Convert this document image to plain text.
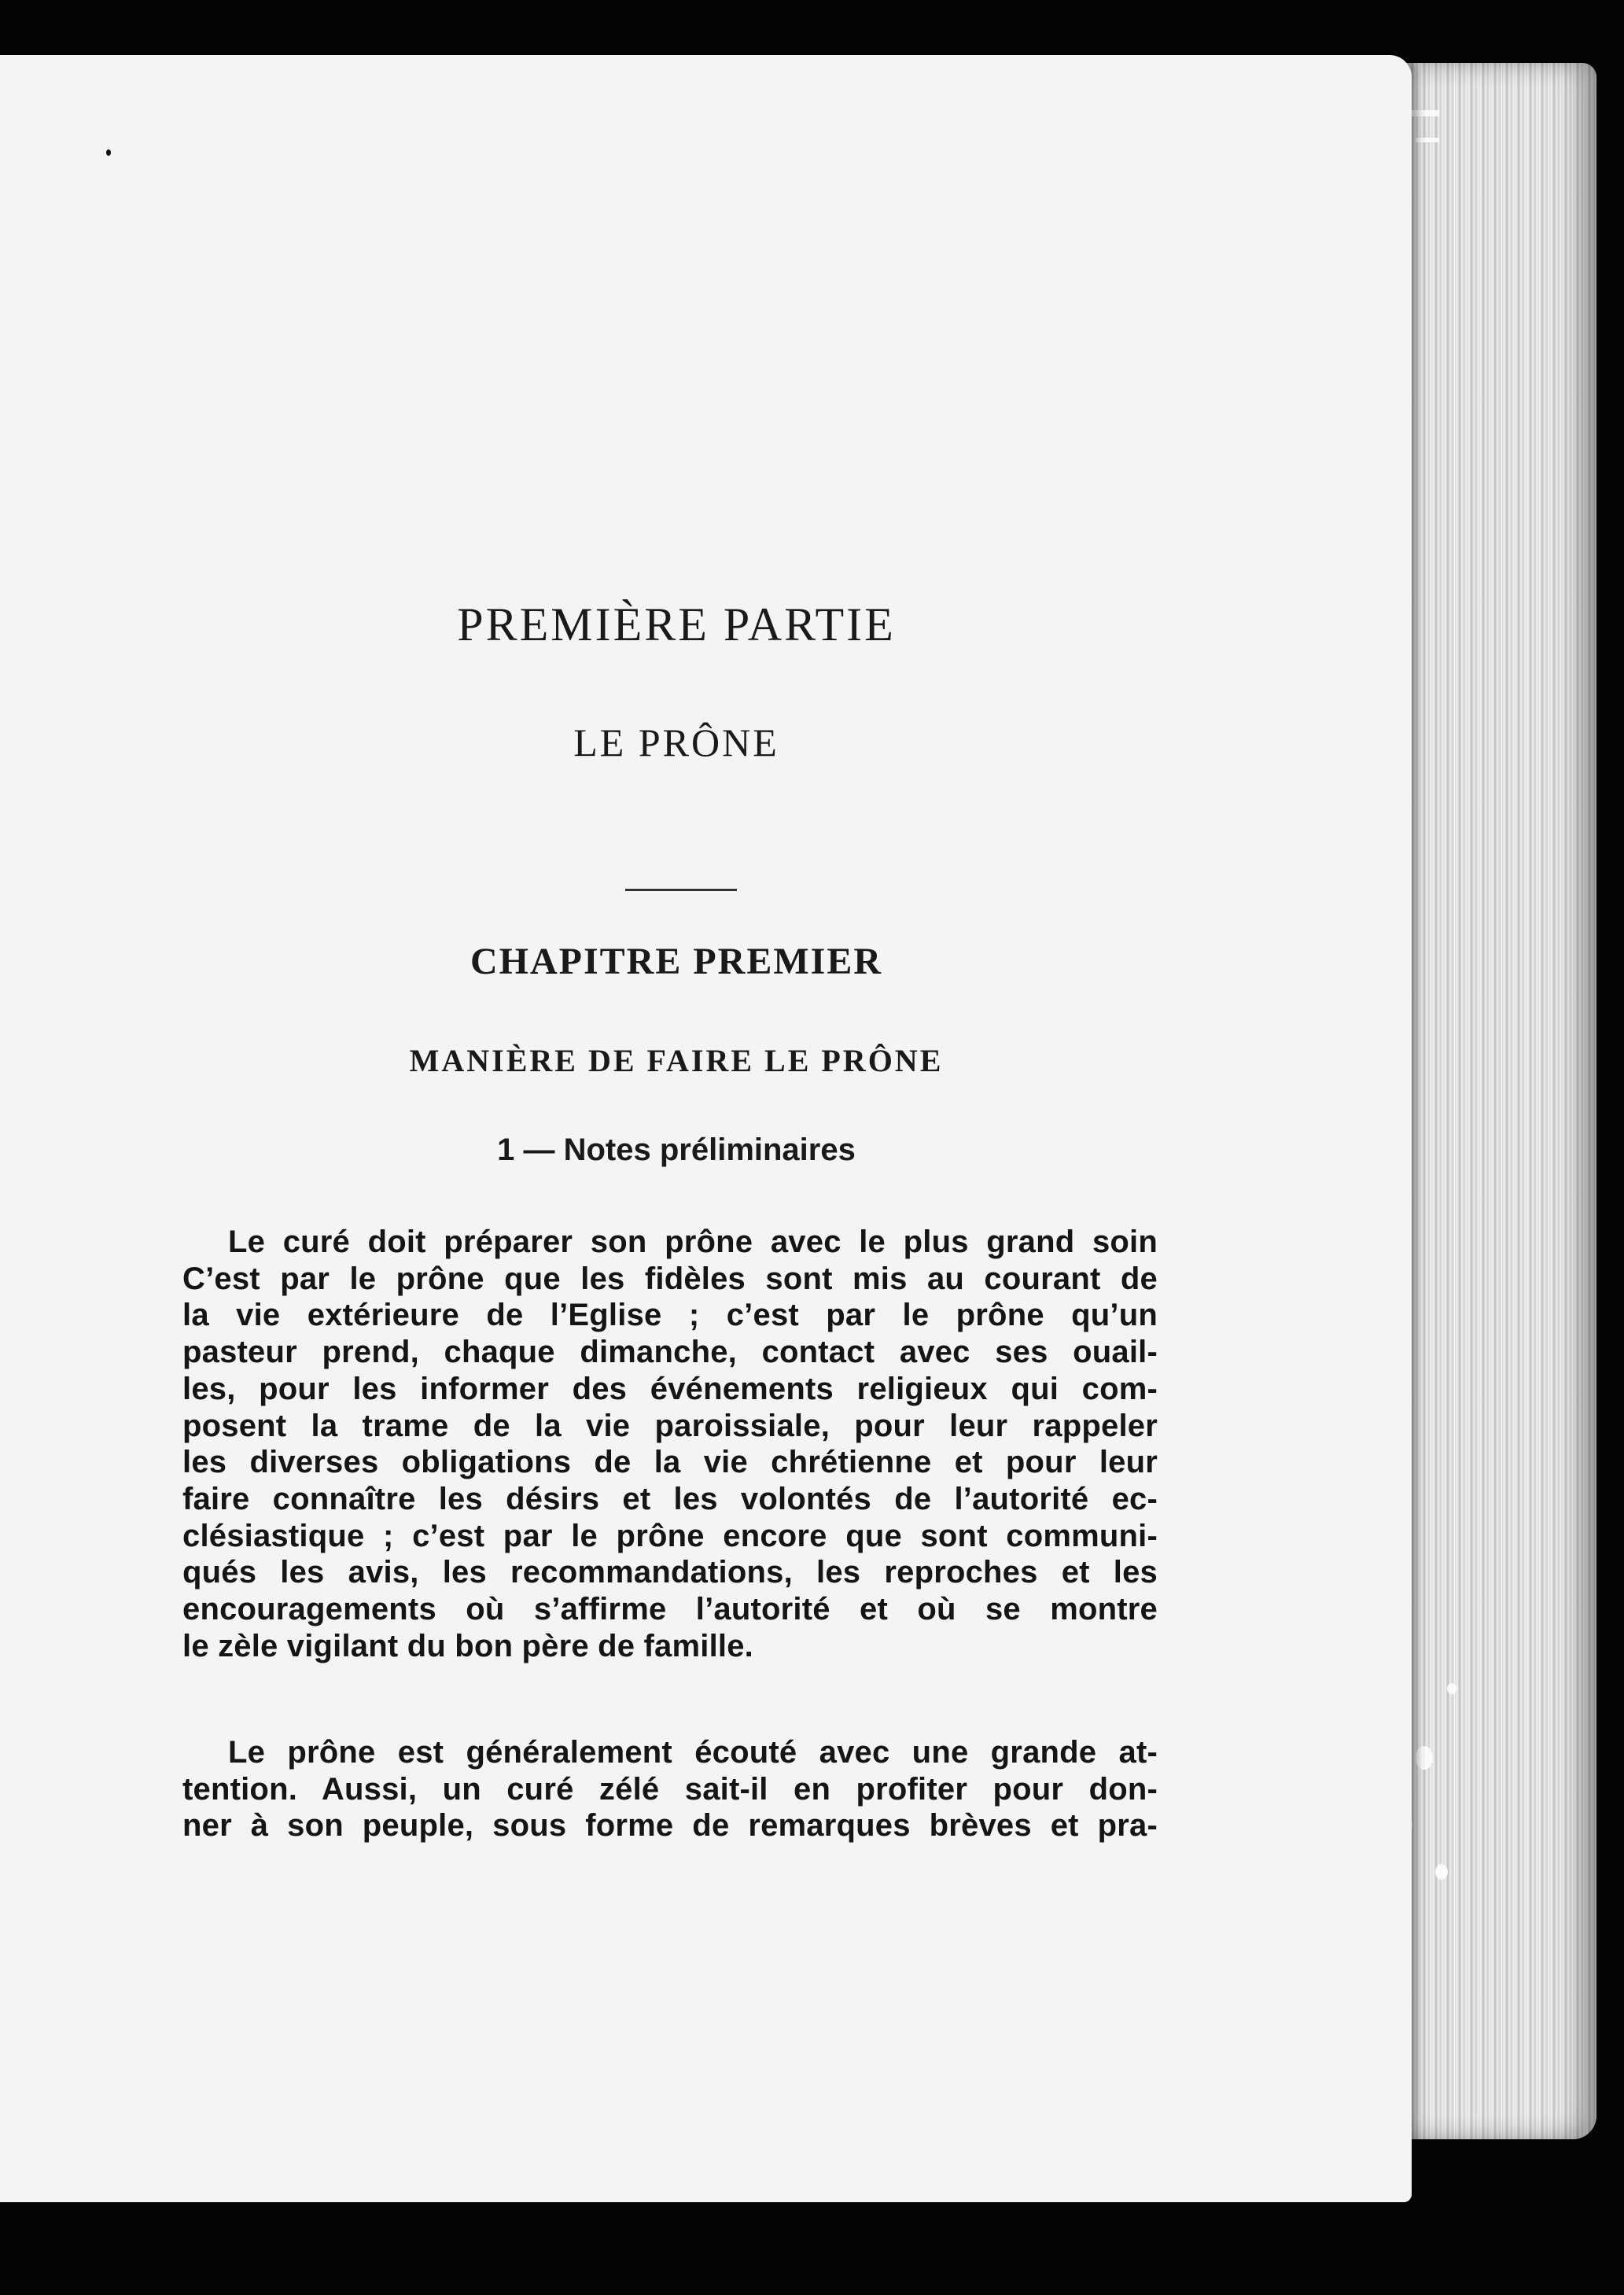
PREMIÈRE PARTIE
LE PRÔNE
CHAPITRE PREMIER
MANIÈRE DE FAIRE LE PRÔNE
1 — Notes préliminaires
Le curé doit préparer son prône avec le plus grand soin
C’est par le prône que les fidèles sont mis au courant de
la vie extérieure de l’Eglise ; c’est par le prône qu’un
pasteur prend, chaque dimanche, contact avec ses ouail-
les, pour les informer des événements religieux qui com-
posent la trame de la vie paroissiale, pour leur rappeler
les diverses obligations de la vie chrétienne et pour leur
faire connaître les désirs et les volontés de l’autorité ec-
clésiastique ; c’est par le prône encore que sont communi-
qués les avis, les recommandations, les reproches et les
encouragements où s’affirme l’autorité et où se montre
le zèle vigilant du bon père de famille.
Le prône est généralement écouté avec une grande at-
tention. Aussi, un curé zélé sait-il en profiter pour don-
ner à son peuple, sous forme de remarques brèves et pra-
